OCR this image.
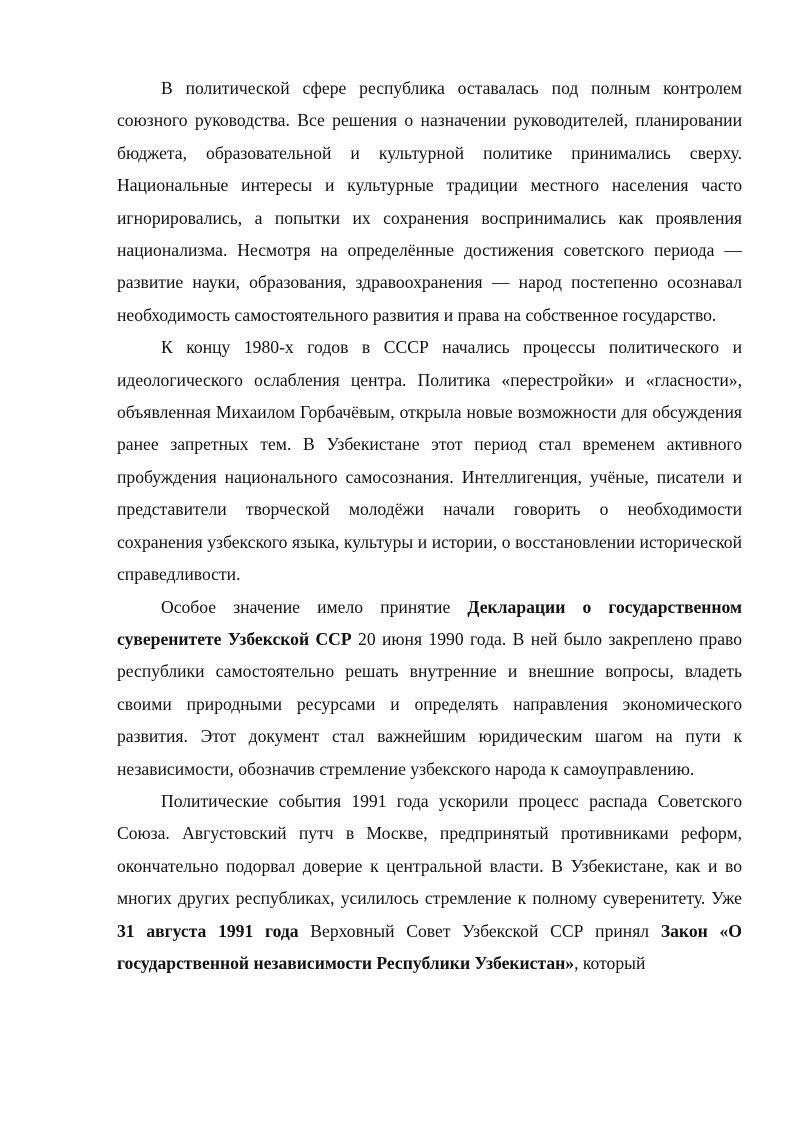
В политической сфере республика оставалась под полным контролем союзного руководства. Все решения о назначении руководителей, планировании бюджета, образовательной и культурной политике принимались сверху. Национальные интересы и культурные традиции местного населения часто игнорировались, а попытки их сохранения воспринимались как проявления национализма. Несмотря на определённые достижения советского периода — развитие науки, образования, здравоохранения — народ постепенно осознавал необходимость самостоятельного развития и права на собственное государство.

К концу 1980-х годов в СССР начались процессы политического и идеологического ослабления центра. Политика «перестройки» и «гласности», объявленная Михаилом Горбачёвым, открыла новые возможности для обсуждения ранее запретных тем. В Узбекистане этот период стал временем активного пробуждения национального самосознания. Интеллигенция, учёные, писатели и представители творческой молодёжи начали говорить о необходимости сохранения узбекского языка, культуры и истории, о восстановлении исторической справедливости.

Особое значение имело принятие Декларации о государственном суверенитете Узбекской ССР 20 июня 1990 года. В ней было закреплено право республики самостоятельно решать внутренние и внешние вопросы, владеть своими природными ресурсами и определять направления экономического развития. Этот документ стал важнейшим юридическим шагом на пути к независимости, обозначив стремление узбекского народа к самоуправлению.

Политические события 1991 года ускорили процесс распада Советского Союза. Августовский путч в Москве, предпринятый противниками реформ, окончательно подорвал доверие к центральной власти. В Узбекистане, как и во многих других республиках, усилилось стремление к полному суверенитету. Уже 31 августа 1991 года Верховный Совет Узбекской ССР принял Закон «О государственной независимости Республики Узбекистан», который
